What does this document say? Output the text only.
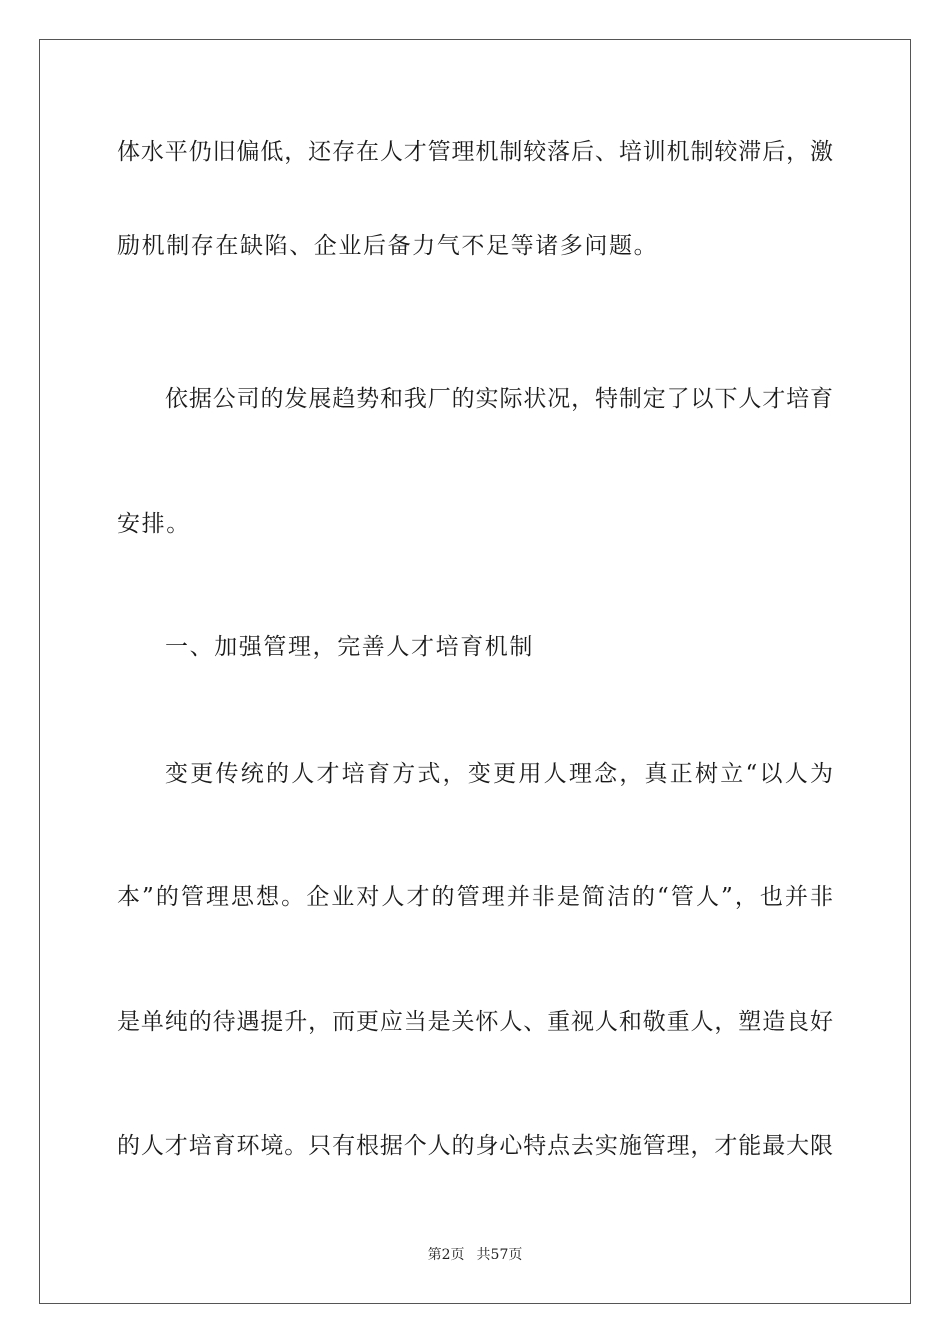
体水平仍旧偏低，还存在人才管理机制较落后、培训机制较滞后，激
励机制存在缺陷、企业后备力气不足等诸多问题。
依据公司的发展趋势和我厂的实际状况，特制定了以下人才培育
安排。
一、加强管理，完善人才培育机制
变更传统的人才培育方式，变更用人理念，真正树立“以人为
本”的管理思想。企业对人才的管理并非是简洁的“管人”，也并非
是单纯的待遇提升，而更应当是关怀人、重视人和敬重人，塑造良好
的人才培育环境。只有根据个人的身心特点去实施管理，才能最大限
第2页 共57页
